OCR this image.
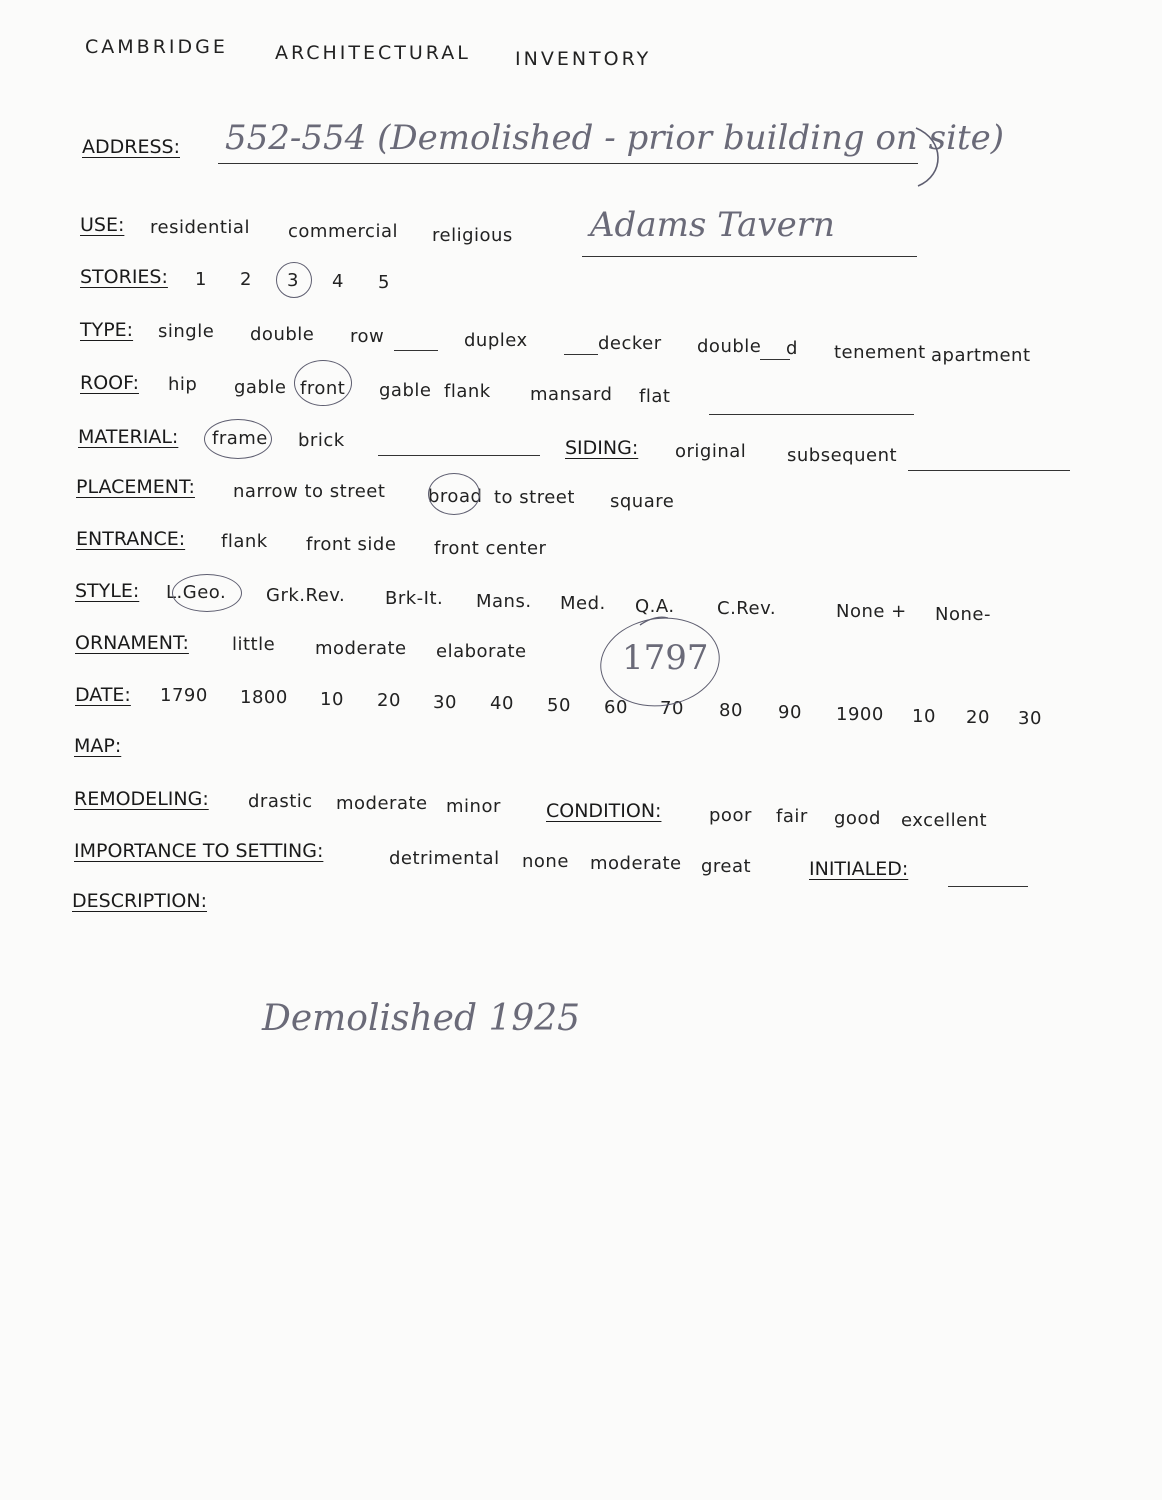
CAMBRIDGE ARCHITECTURAL INVENTORY
ADDRESS: 552-554 (Demolished - prior building on site)
USE: residential commercial religious Adams Tavern
STORIES: 1 2 3 4 5
TYPE: single double row	duplex	decker double d tenement apartment
ROOF: hip gable front gable flank mansard flat
MATERIAL: frame brick	SIDING: original subsequent
PLACEMENT: narrow to street broad to street square
ENTRANCE: flank front side front center
STYLE: L.Geo. Grk.Rev. Brk-It. Mans. Med. Q.A. C.Rev.	None + None-
ORNAMENT: little moderate elaborate
DATE: 1790 1800 10 20 30 40 50 60 70 80 90 1900 10 20 30
1797
MAP:
REMODELING: drastic moderate minor CONDITION:	poor fair good excellent
IMPORTANCE TO SETTING:	detrimental none moderate great	INITIALED:
DESCRIPTION:
Demolished 1925
